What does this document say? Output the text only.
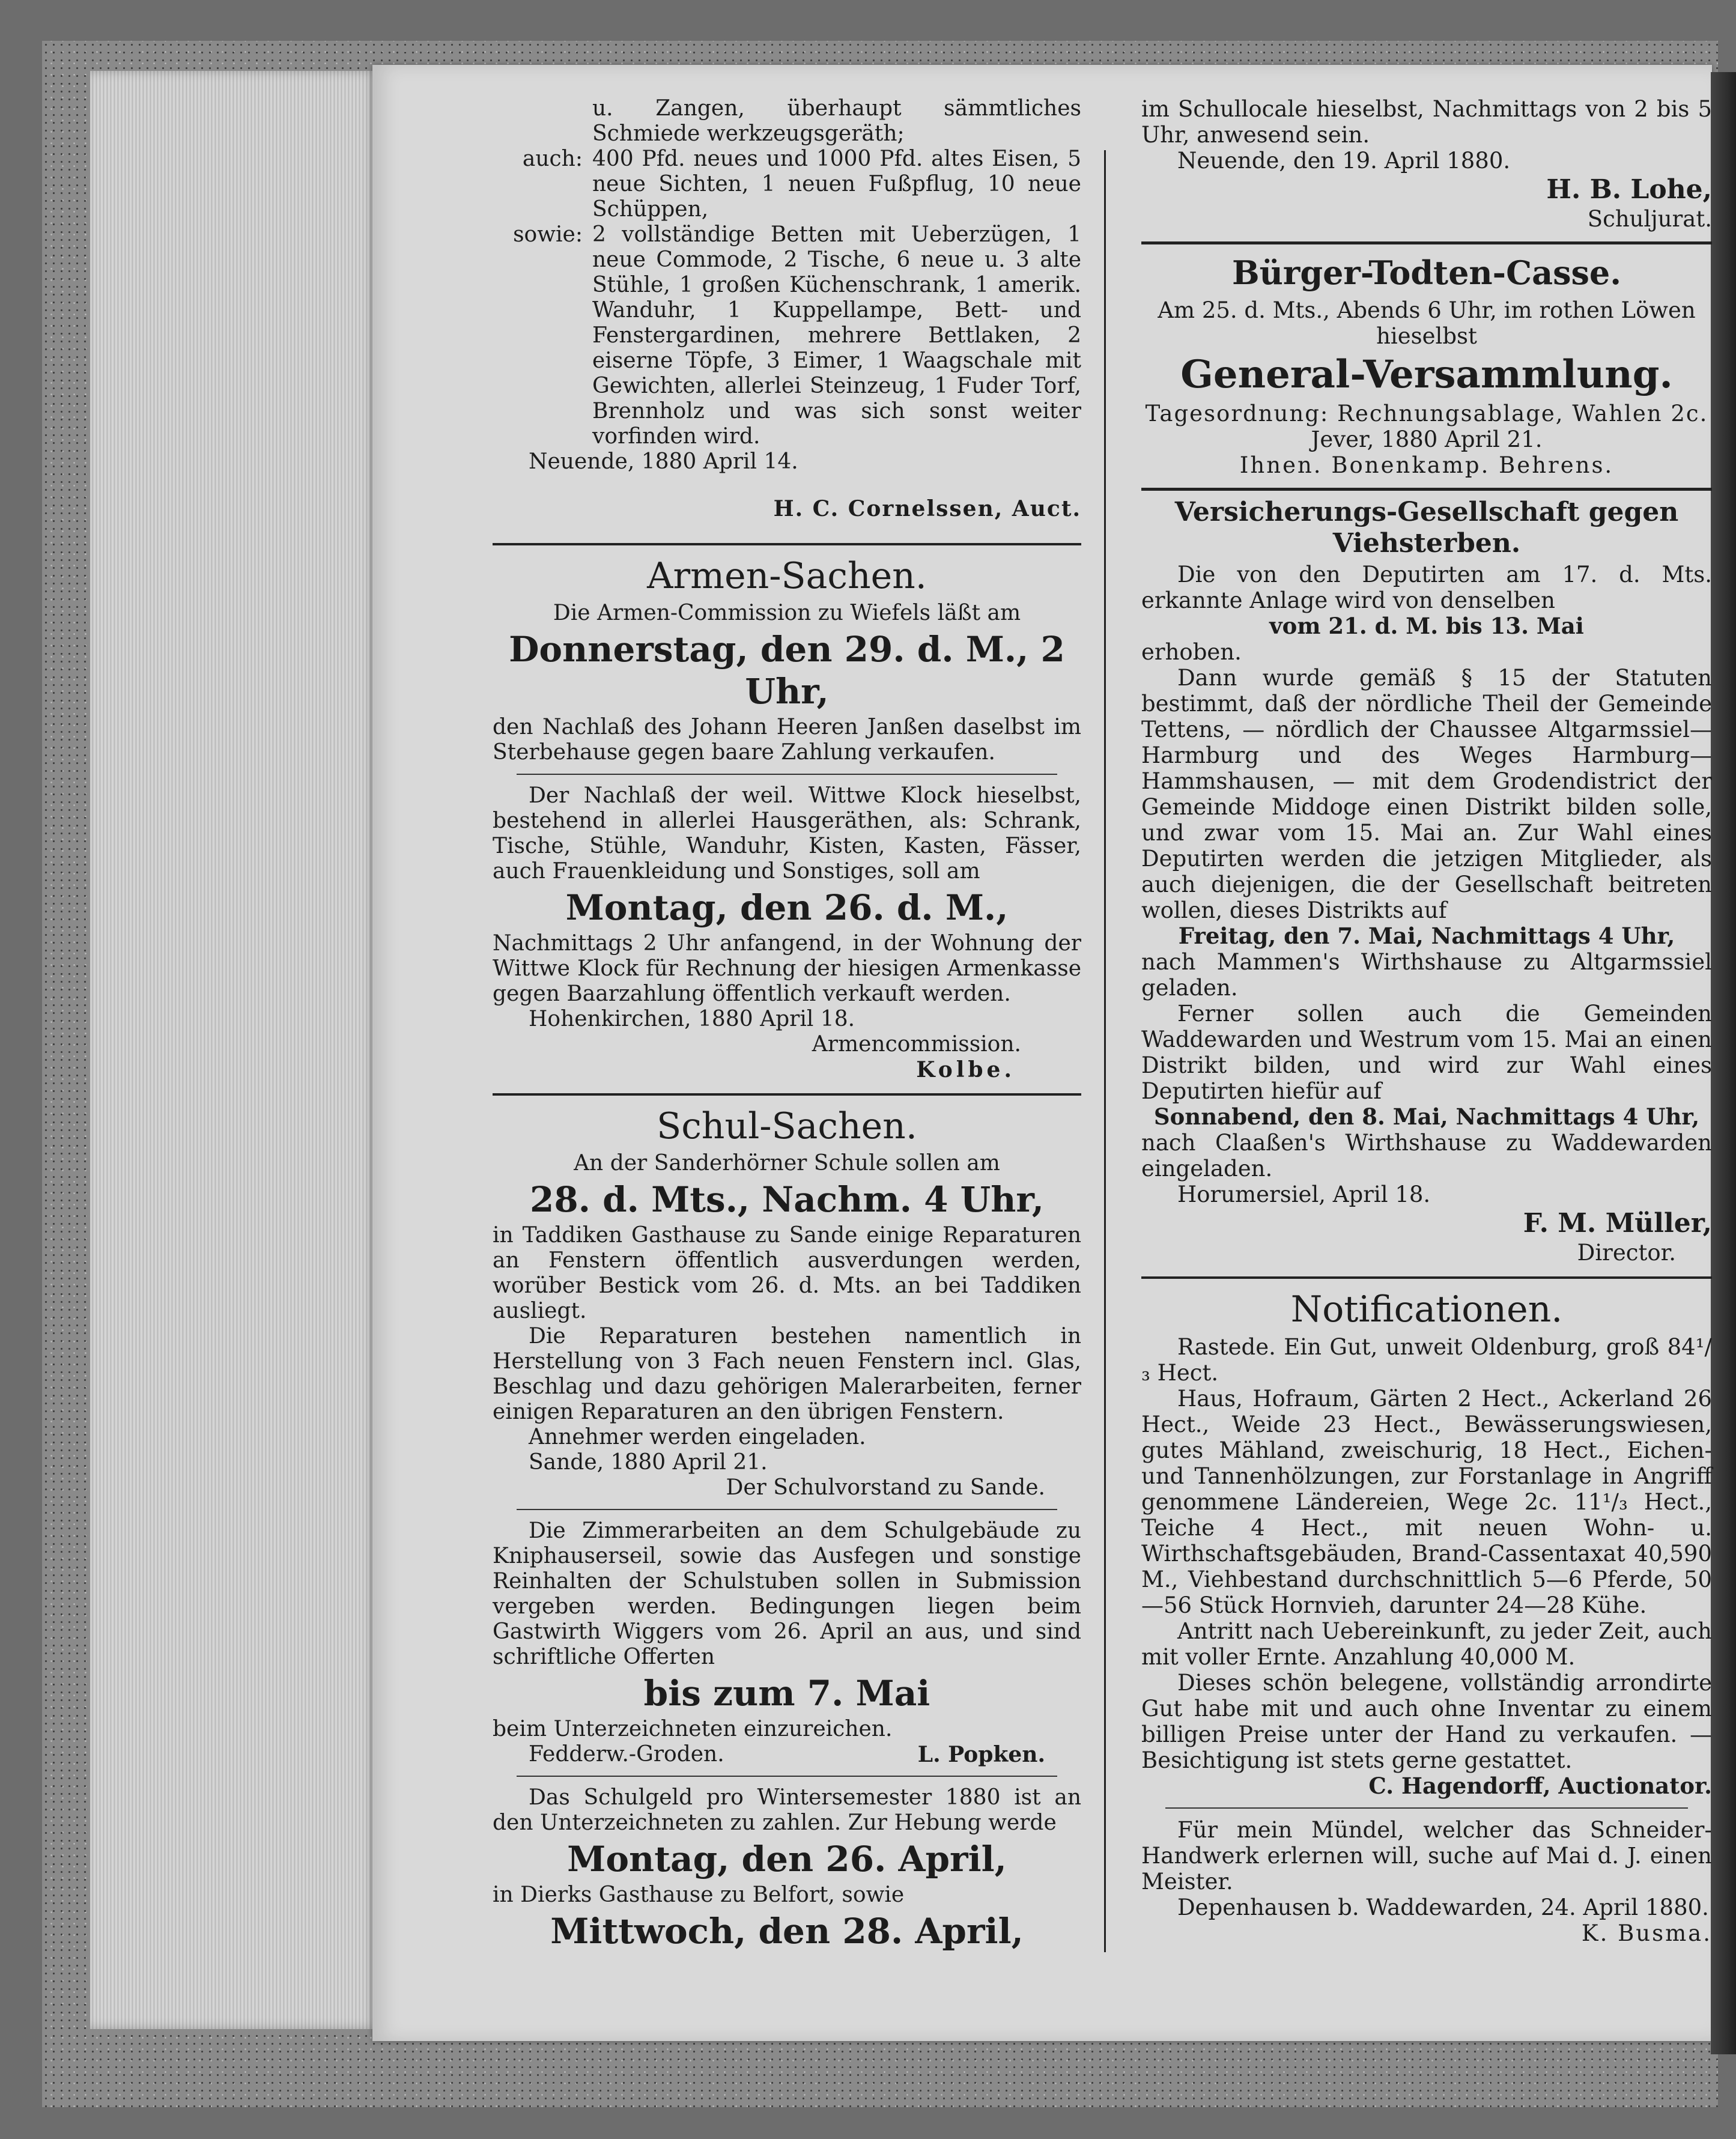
u. Zangen, überhaupt sämmtliches Schmiede werkzeugsgeräth;

auch: 400 Pfd. neues und 1000 Pfd. altes Eisen, 5 neue Sichten, 1 neuen Fußpflug, 10 neue Schüppen,
sowie: 2 vollständige Betten mit Ueberzügen, 1 neue Commode, 2 Tische, 6 neue u. 3 alte Stühle, 1 großen Küchenschrank, 1 amerik. Wanduhr, 1 Kuppellampe, Bett- und Fenstergardinen, mehrere Bettlaken, 2 eiserne Töpfe, 3 Eimer, 1 Waagschale mit Gewichten, allerlei Steinzeug, 1 Fuder Torf, Brennholz und was sich sonst weiter vorfinden wird.

Neuende, 1880 April 14.

H. C. Cornelssen, Auct.

Armen-Sachen.

Die Armen-Commission zu Wiefels läßt am

Donnerstag, den 29. d. M., 2 Uhr,

den Nachlaß des Johann Heeren Janßen daselbst im Sterbehause gegen baare Zahlung verkaufen.

Der Nachlaß der weil. Wittwe Klock hieselbst, bestehend in allerlei Hausgeräthen, als: Schrank, Tische, Stühle, Wanduhr, Kisten, Kasten, Fässer, auch Frauenkleidung und Sonstiges, soll am

Montag, den 26. d. M.,

Nachmittags 2 Uhr anfangend, in der Wohnung der Wittwe Klock für Rechnung der hiesigen Armenkasse gegen Baarzahlung öffentlich verkauft werden.

Hohenkirchen, 1880 April 18.

Armencommission.

Kolbe.

Schul-Sachen.

An der Sanderhörner Schule sollen am

28. d. Mts., Nachm. 4 Uhr,

in Taddiken Gasthause zu Sande einige Reparaturen an Fenstern öffentlich ausverdungen werden, worüber Bestick vom 26. d. Mts. an bei Taddiken ausliegt.

Die Reparaturen bestehen namentlich in Herstellung von 3 Fach neuen Fenstern incl. Glas, Beschlag und dazu gehörigen Malerarbeiten, ferner einigen Reparaturen an den übrigen Fenstern.

Annehmer werden eingeladen.

Sande, 1880 April 21.

Der Schulvorstand zu Sande.

Die Zimmerarbeiten an dem Schulgebäude zu Kniphauserseil, sowie das Ausfegen und sonstige Reinhalten der Schulstuben sollen in Submission vergeben werden. Bedingungen liegen beim Gastwirth Wiggers vom 26. April an aus, und sind schriftliche Offerten

bis zum 7. Mai

beim Unterzeichneten einzureichen.

Fedderw.-Groden.	L. Popken.

Das Schulgeld pro Wintersemester 1880 ist an den Unterzeichneten zu zahlen. Zur Hebung werde

Montag, den 26. April,

in Dierks Gasthause zu Belfort, sowie

Mittwoch, den 28. April,

im Schullocale hieselbst, Nachmittags von 2 bis 5 Uhr, anwesend sein.

Neuende, den 19. April 1880.

H. B. Lohe,

Schuljurat.

Bürger-Todten-Casse.

Am 25. d. Mts., Abends 6 Uhr, im rothen Löwen hieselbst

General-Versammlung.

Tagesordnung: Rechnungsablage, Wahlen 2c.

Jever, 1880 April 21.

Ihnen. Bonenkamp. Behrens.

Versicherungs-Gesellschaft gegen Viehsterben.

Die von den Deputirten am 17. d. Mts. erkannte Anlage wird von denselben

vom 21. d. M. bis 13. Mai

erhoben.

Dann wurde gemäß § 15 der Statuten bestimmt, daß der nördliche Theil der Gemeinde Tettens, — nördlich der Chaussee Altgarmssiel—Harmburg und des Weges Harmburg—Hammshausen, — mit dem Grodendistrict der Gemeinde Middoge einen Distrikt bilden solle, und zwar vom 15. Mai an. Zur Wahl eines Deputirten werden die jetzigen Mitglieder, als auch diejenigen, die der Gesellschaft beitreten wollen, dieses Distrikts auf

Freitag, den 7. Mai, Nachmittags 4 Uhr,

nach Mammen's Wirthshause zu Altgarmssiel geladen.

Ferner sollen auch die Gemeinden Waddewarden und Westrum vom 15. Mai an einen Distrikt bilden, und wird zur Wahl eines Deputirten hiefür auf

Sonnabend, den 8. Mai, Nachmittags 4 Uhr,

nach Claaßen's Wirthshause zu Waddewarden eingeladen.

Horumersiel, April 18.

F. M. Müller,

Director.

Notificationen.

Rastede. Ein Gut, unweit Oldenburg, groß 84¹/₃ Hect.

Haus, Hofraum, Gärten 2 Hect., Ackerland 26 Hect., Weide 23 Hect., Bewässerungswiesen, gutes Mähland, zweischurig, 18 Hect., Eichen- und Tannenhölzungen, zur Forstanlage in Angriff genommene Ländereien, Wege 2c. 11¹/₃ Hect., Teiche 4 Hect., mit neuen Wohn- u. Wirthschaftsgebäuden, Brand-Cassentaxat 40,590 M., Viehbestand durchschnittlich 5—6 Pferde, 50—56 Stück Hornvieh, darunter 24—28 Kühe.

Antritt nach Uebereinkunft, zu jeder Zeit, auch mit voller Ernte. Anzahlung 40,000 M.

Dieses schön belegene, vollständig arrondirte Gut habe mit und auch ohne Inventar zu einem billigen Preise unter der Hand zu verkaufen. — Besichtigung ist stets gerne gestattet.

C. Hagendorff, Auctionator.

Für mein Mündel, welcher das Schneider-Handwerk erlernen will, suche auf Mai d. J. einen Meister.

Depenhausen b. Waddewarden, 24. April 1880.

K. Busma.
